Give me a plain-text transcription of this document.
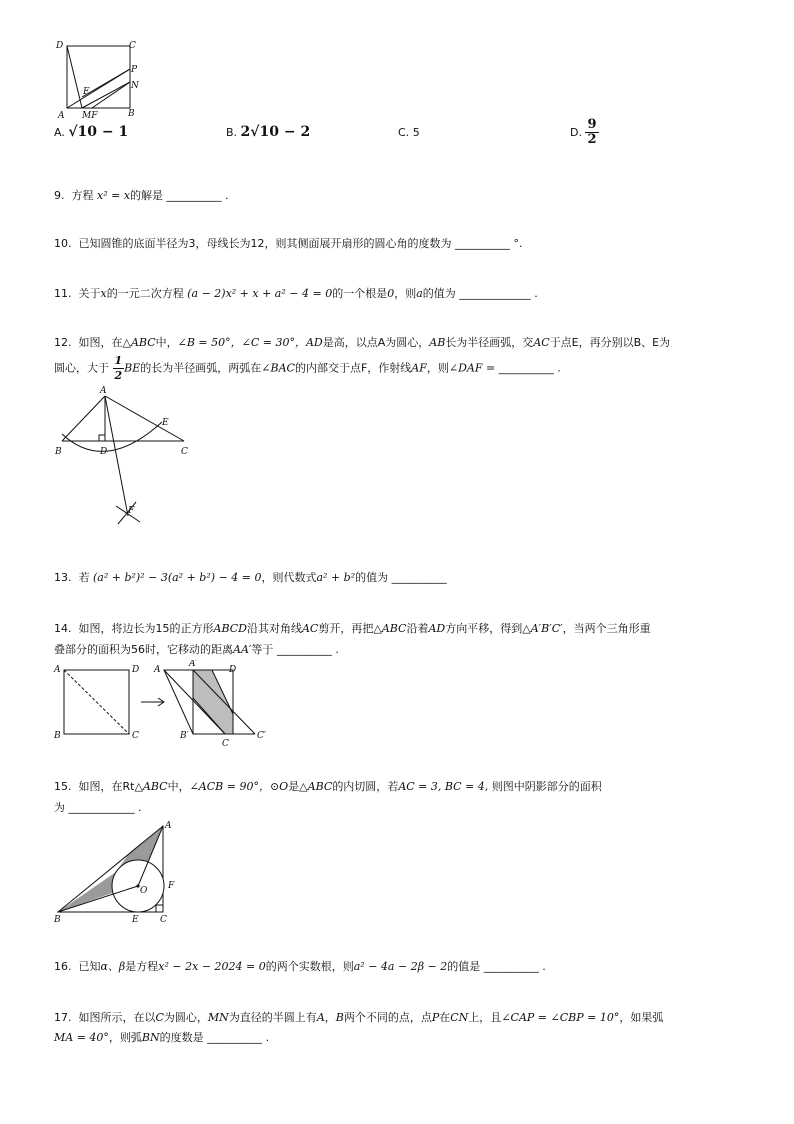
D	C
P
N
E
A MF	B
A. √10 − 1	B. 2√10 − 2	C. 5	D. $\frac{9}{2}$
9. 方程 x² = x的解是 __________ .
10. 已知圆锥的底面半径为3，母线长为12，则其侧面展开扇形的圆心角的度数为 __________ °.
11. 关于x的一元二次方程 (a − 2)x² + x + a² − 4 = 0的一个根是0，则a的值为 _____________ .
12. 如图，在△ABC中，∠B = 50°，∠C = 30°，AD是高，以点A为圆心，AB长为半径画弧，交AC于点E，再分别以B、E为
圆心，大于 $\frac{1}{2}$ BE的长为半径画弧，两弧在∠BAC的内部交于点F，作射线AF，则∠DAF = __________ .
A
E
B	D	C
F
13. 若 (a² + b²)² − 3(a² + b²) − 4 = 0，则代数式a² + b²的值为 __________
14. 如图，将边长为15的正方形ABCD沿其对角线AC剪开，再把△ABC沿着AD方向平移，得到△A′B′C′，当两个三角形重
叠部分的面积为56时，它移动的距离AA′等于 __________ .
A	D
B	C
A
A′
D
B′
C
C′
15. 如图，在Rt△ABC中，∠ACB = 90°，⊙O是△ABC的内切圆，若AC = 3, BC = 4, 则图中阴影部分的面积
为 ____________ .
A
O F
B	E C
16. 已知α、β是方程x² − 2x − 2024 = 0的两个实数根，则a² − 4a − 2β − 2的值是 __________ .
17. 如图所示，在以C为圆心，MN为直径的半圆上有A，B两个不同的点，点P在CN上，且∠CAP = ∠CBP = 10°，如果弧
MA = 40°，则弧BN的度数是 __________ .
